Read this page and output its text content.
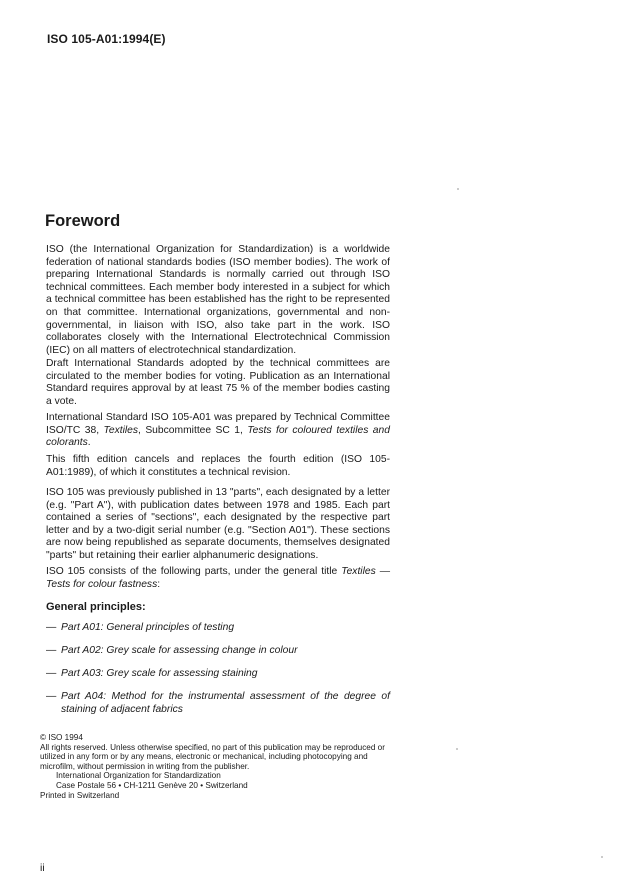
ISO 105-A01:1994(E)
Foreword

ISO (the International Organization for Standardization) is a worldwide federation of national standards bodies (ISO member bodies). The work of preparing International Standards is normally carried out through ISO technical committees. Each member body interested in a subject for which a technical committee has been established has the right to be represented on that committee. International organizations, governmental and non-governmental, in liaison with ISO, also take part in the work. ISO collaborates closely with the International Electrotechnical Commission (IEC) on all matters of electrotechnical standardization.

Draft International Standards adopted by the technical committees are circulated to the member bodies for voting. Publication as an International Standard requires approval by at least 75 % of the member bodies casting a vote.

International Standard ISO 105-A01 was prepared by Technical Committee ISO/TC 38, Textiles, Subcommittee SC 1, Tests for coloured textiles and colorants.

This fifth edition cancels and replaces the fourth edition (ISO 105-A01:1989), of which it constitutes a technical revision.

ISO 105 was previously published in 13 "parts", each designated by a letter (e.g. "Part A"), with publication dates between 1978 and 1985. Each part contained a series of "sections", each designated by the respective part letter and by a two-digit serial number (e.g. "Section A01"). These sections are now being republished as separate documents, themselves designated "parts" but retaining their earlier alphanumeric designations.

ISO 105 consists of the following parts, under the general title Textiles — Tests for colour fastness:

General principles:
— Part A01: General principles of testing
— Part A02: Grey scale for assessing change in colour
— Part A03: Grey scale for assessing staining
— Part A04: Method for the instrumental assessment of the degree of staining of adjacent fabrics
© ISO 1994
All rights reserved. Unless otherwise specified, no part of this publication may be reproduced or utilized in any form or by any means, electronic or mechanical, including photocopying and microfilm, without permission in writing from the publisher.
International Organization for Standardization
Case Postale 56 • CH-1211 Genève 20 • Switzerland
Printed in Switzerland
ii
